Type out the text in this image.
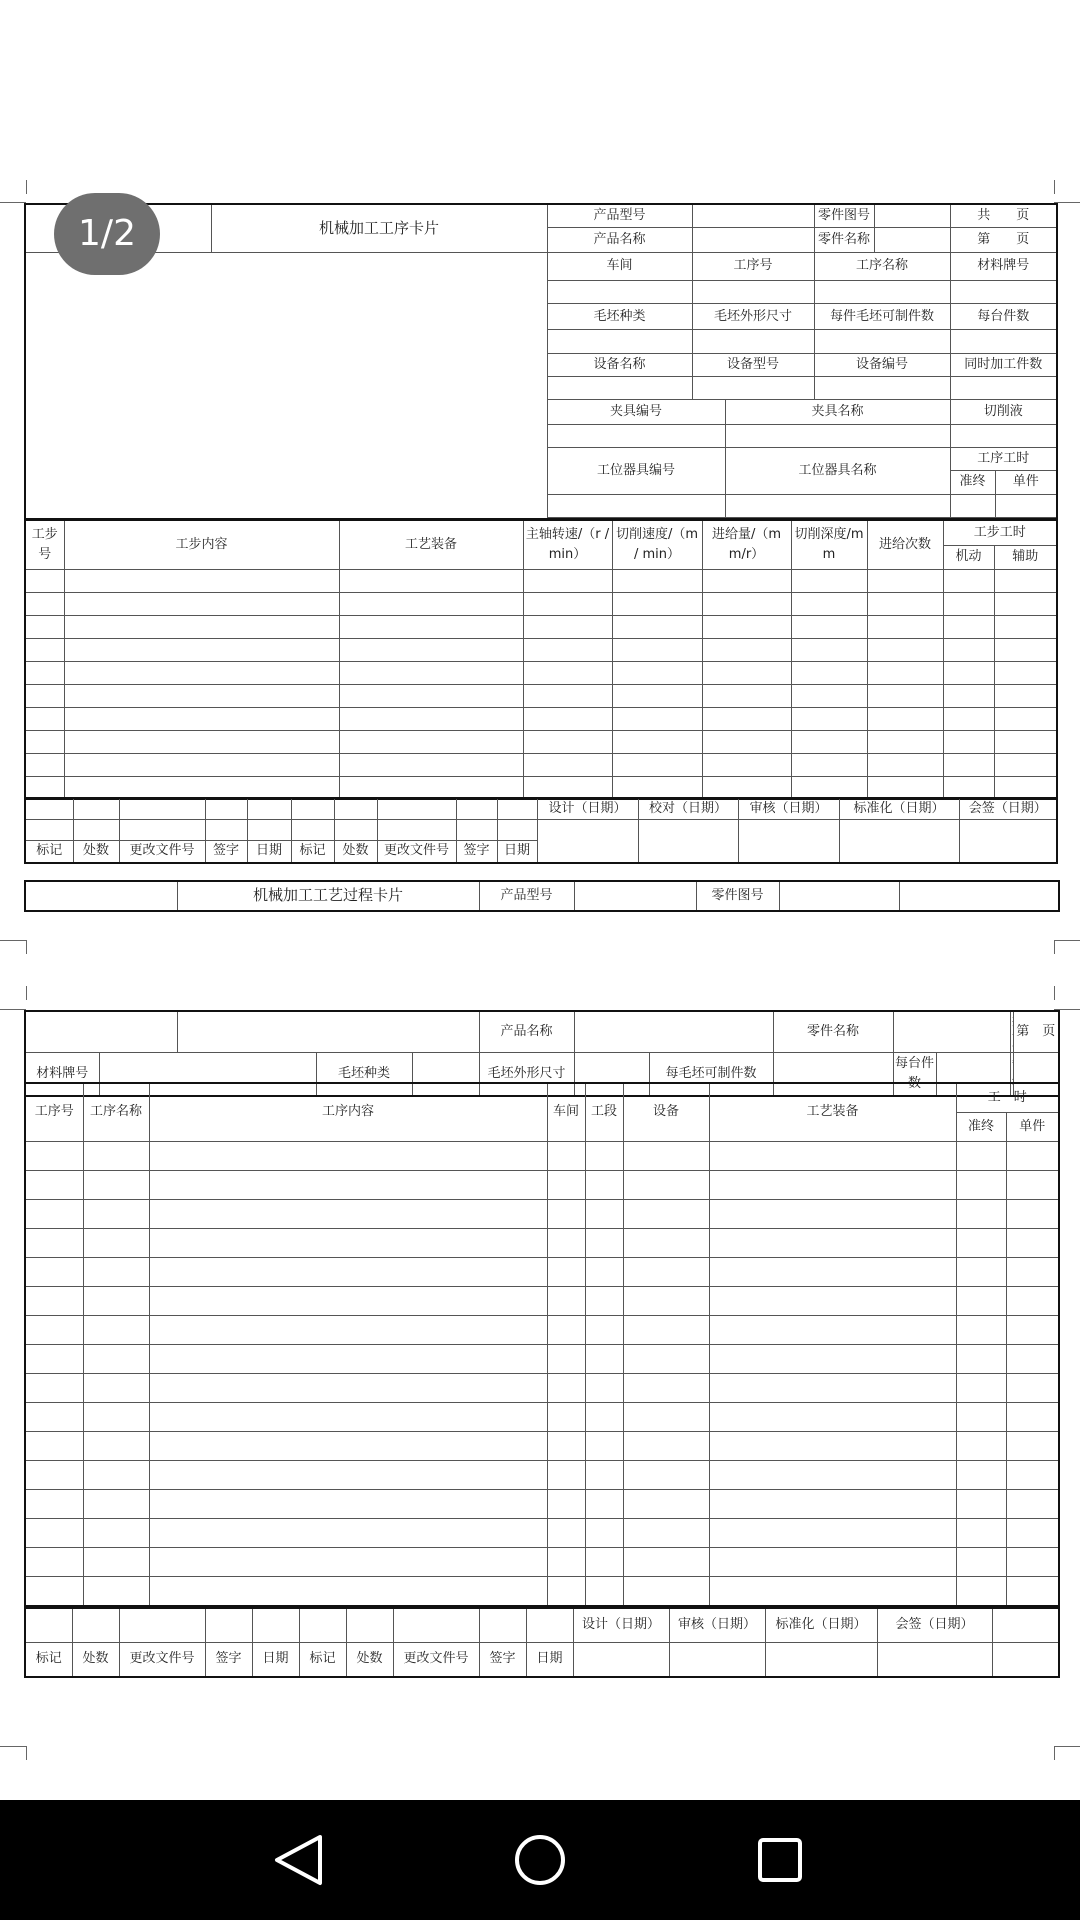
	机械加工工序卡片	产品型号			零件图号		共　　页	
		产品名称			零件名称		第　　页	
		车间	工序号		工序名称		材料牌号	

		毛坯种类	毛坯外形尺寸		每件毛坯可制件数		每台件数	

		设备名称	设备型号		设备编号		同时加工件数	

		夹具编号		夹具名称			切削液	

		工位器具编号		工位器具名称			工序工时	
							准终	单件

工步号	工步内容	工艺装备	主轴转速/（r / min）	切削速度/（m / min）	进给量/（m m/r）	切削深度/m m	进给次数	工步工时	
								机动	辅助

										设计（日期）	校对（日期）	审核（日期）	标准化（日期）	会签（日期）

标记	处数	更改文件号	签字	日期	标记	处数	更改文件号	签字	日期					
	机械加工工艺过程卡片	产品型号		零件图号		
					产品名称			零件名称				第　页
材料牌号			毛坯种类		毛坯外形尺寸		每毛坯可制件数		每台件数			
工序号	工序名称	工序内容	车间	工段	设备	工艺装备	工　时	
							准终	单件

										设计（日期）	审核（日期）	标准化（日期）	会签（日期）	
标记	处数	更改文件号	签字	日期	标记	处数	更改文件号	签字	日期					
1/2
